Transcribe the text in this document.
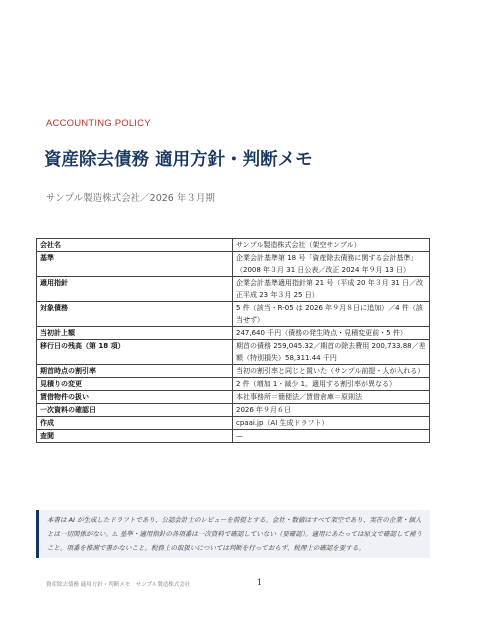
ACCOUNTING POLICY
資産除去債務 適用方針・判断メモ
サンプル製造株式会社／2026 年３月期
会社名	サンプル製造株式会社（架空サンプル）
基準	企業会計基準第 18 号「資産除去債務に関する会計基準」（2008 年３月 31 日公表／改正 2024 年９月 13 日）
適用指針	企業会計基準適用指針第 21 号（平成 20 年３月 31 日／改正平成 23 年３月 25 日）
対象債務	5 件（該当・R-05 は 2026 年９月８日に追加）／4 件（該当せず）
当初計上額	247,640 千円（債務の発生時点・見積変更前・5 件）
移行日の残高（第 18 項）	期首の債務 259,045.32／期首の除去費用 200,733.88／差額（特別損失）58,311.44 千円
期首時点の割引率	当初の割引率と同じと置いた（サンプル前提・人が入れる）
見積りの変更	2 件（増加 1・減少 1。適用する割引率が異なる）
賃借物件の扱い	本社事務所＝簡便法／賃借倉庫＝原則法
一次資料の確認日	2026 年９月６日
作成	cpaai.jp（AI 生成ドラフト）
査閲	—
本書は AI が生成したドラフトであり、公認会計士のレビューを前提とする。会社・数値はすべて架空であり、実在の企業・個人とは一切関係がない。⚠ 基準・適用指針の各項番は一次資料で確認していない（要確認）。適用にあたっては原文で確認して補うこと。項番を推測で書かないこと。税務上の取扱いについては判断を行っておらず、税理士の確認を要する。
資産除去債務 適用方針・判断メモ　サンプル製造株式会社	1
